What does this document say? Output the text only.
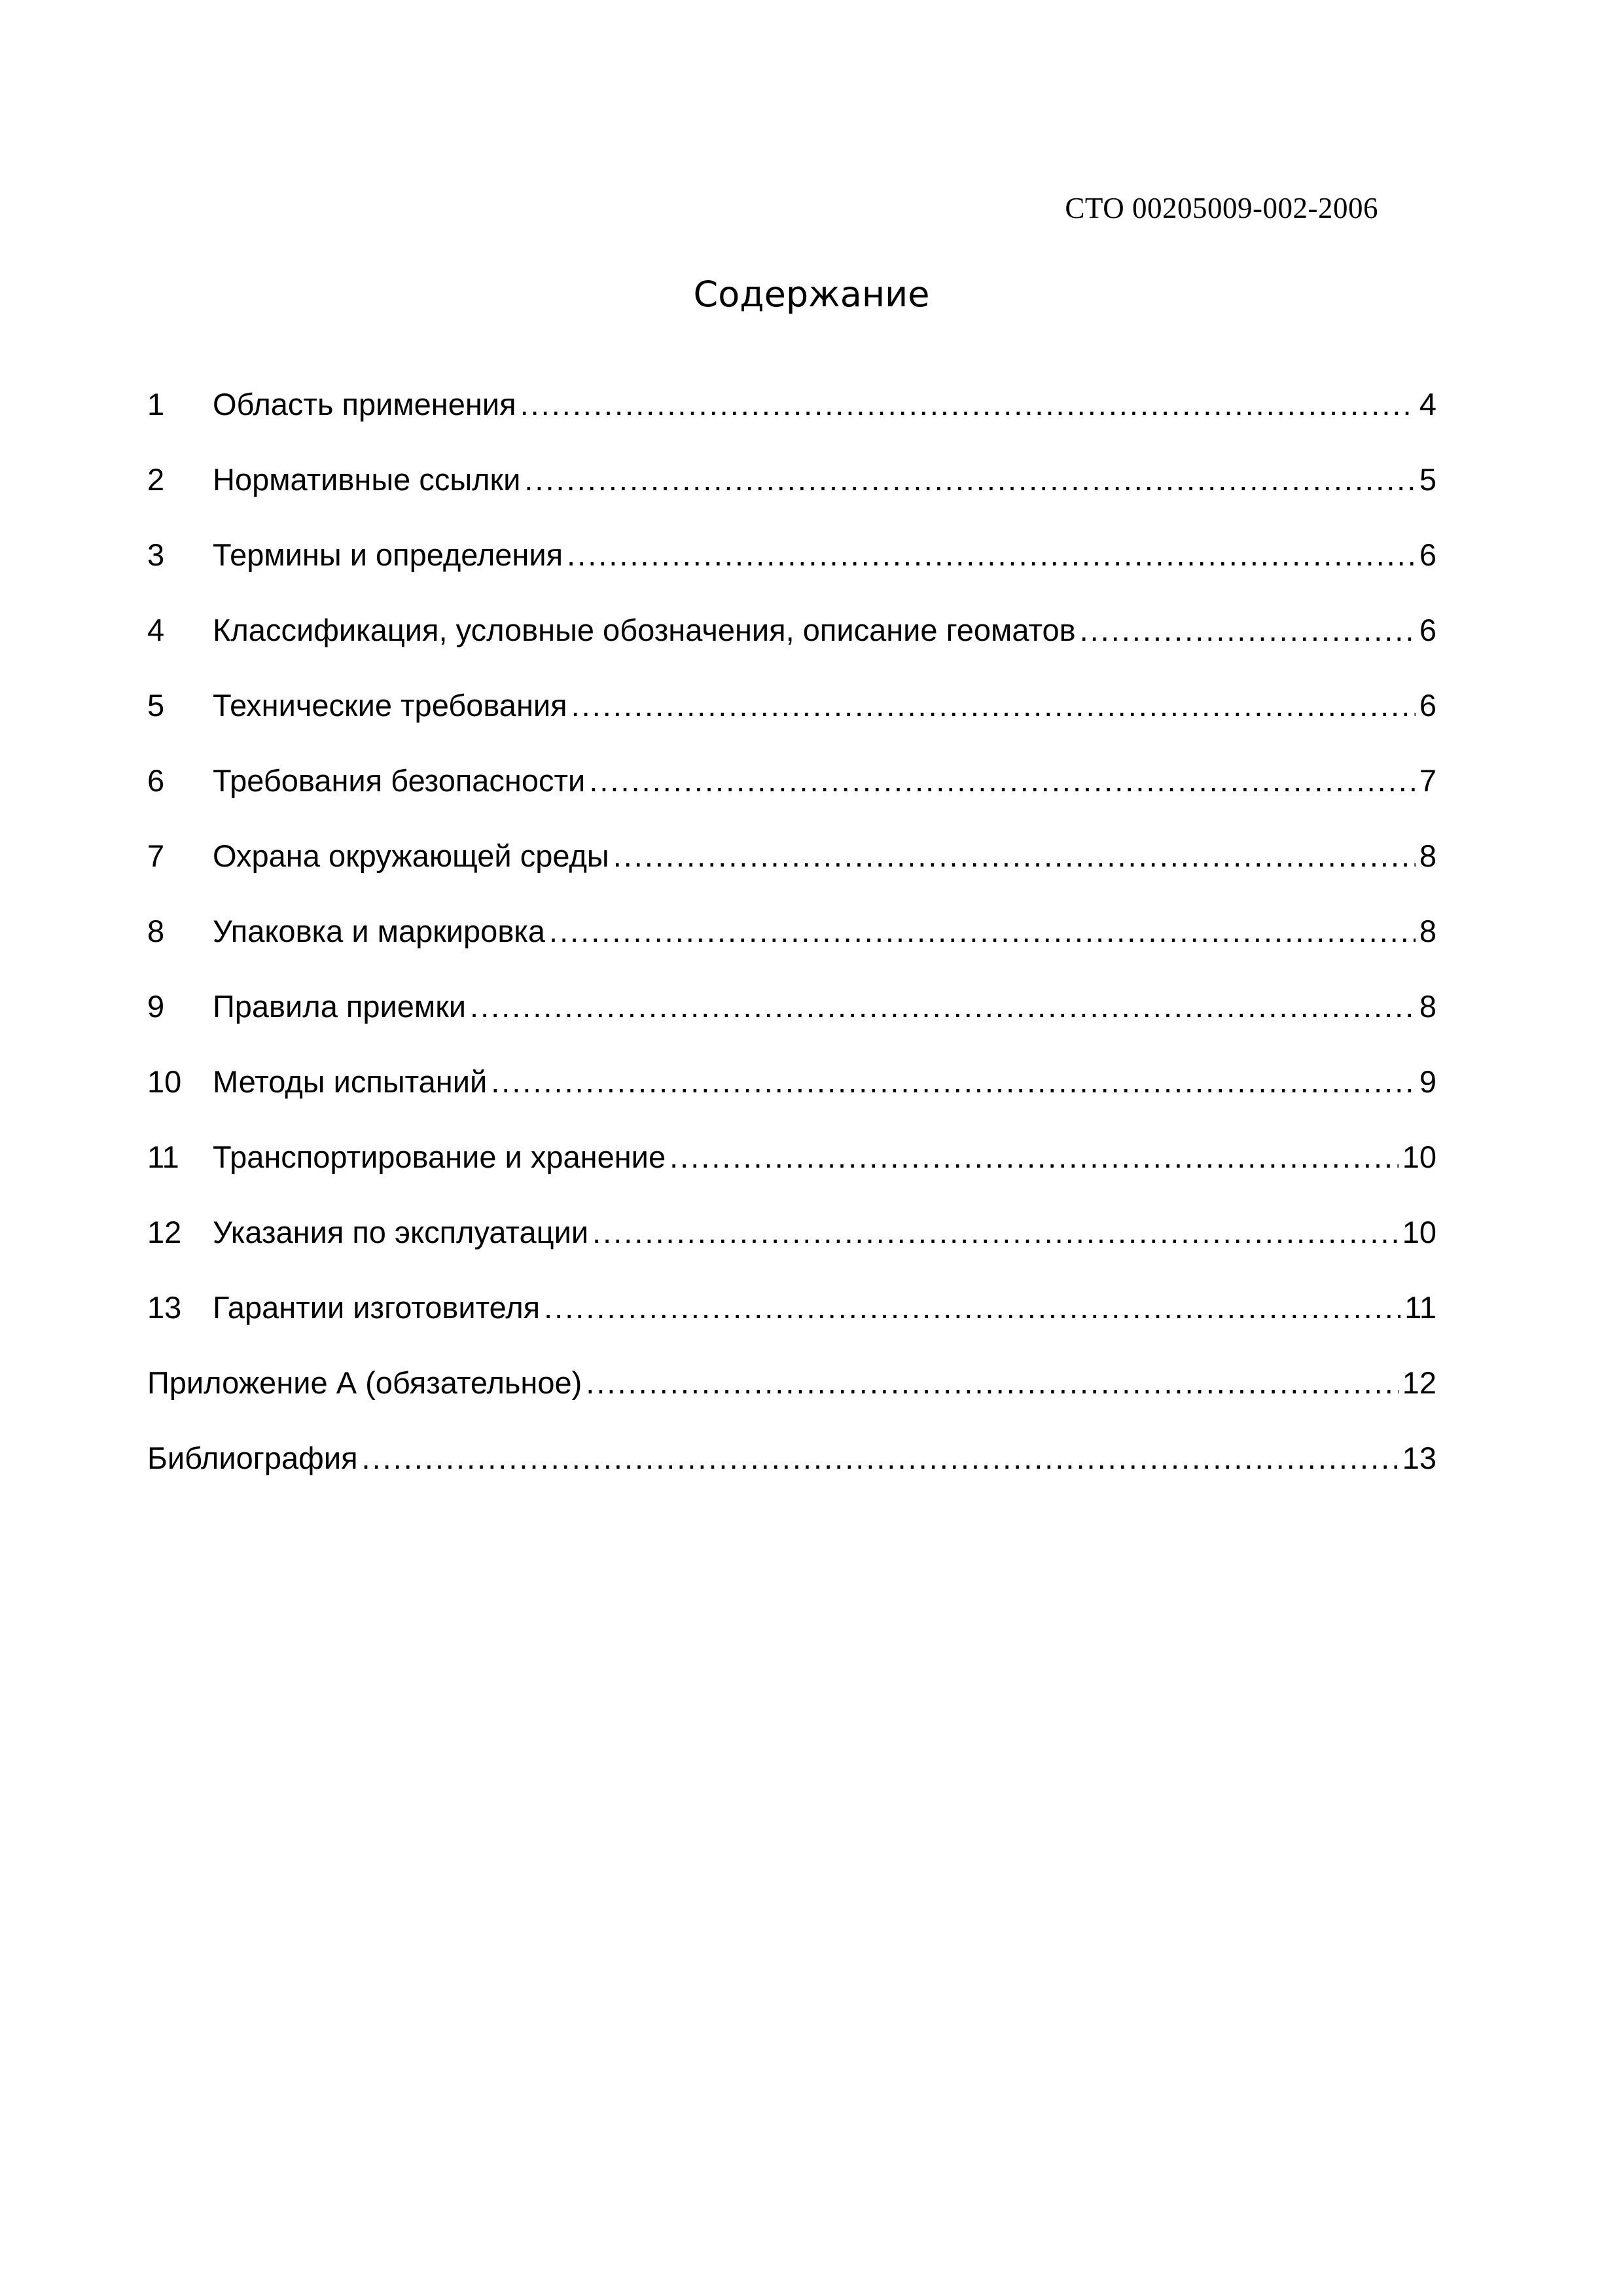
СТО 00205009-002-2006
Содержание
1	Область применения .....	4
2	Нормативные ссылки .....	5
3	Термины и определения .....	6
4	Классификация, условные обозначения, описание геоматов .....	6
5	Технические требования .....	6
6	Требования безопасности .....	7
7	Охрана окружающей среды .....	8
8	Упаковка и маркировка .....	8
9	Правила приемки .....	8
10	Методы испытаний .....	9
11	Транспортирование и хранение .....	10
12	Указания по эксплуатации .....	10
13	Гарантии изготовителя .....	11
Приложение А (обязательное) .....	12
Библиография .....	13
